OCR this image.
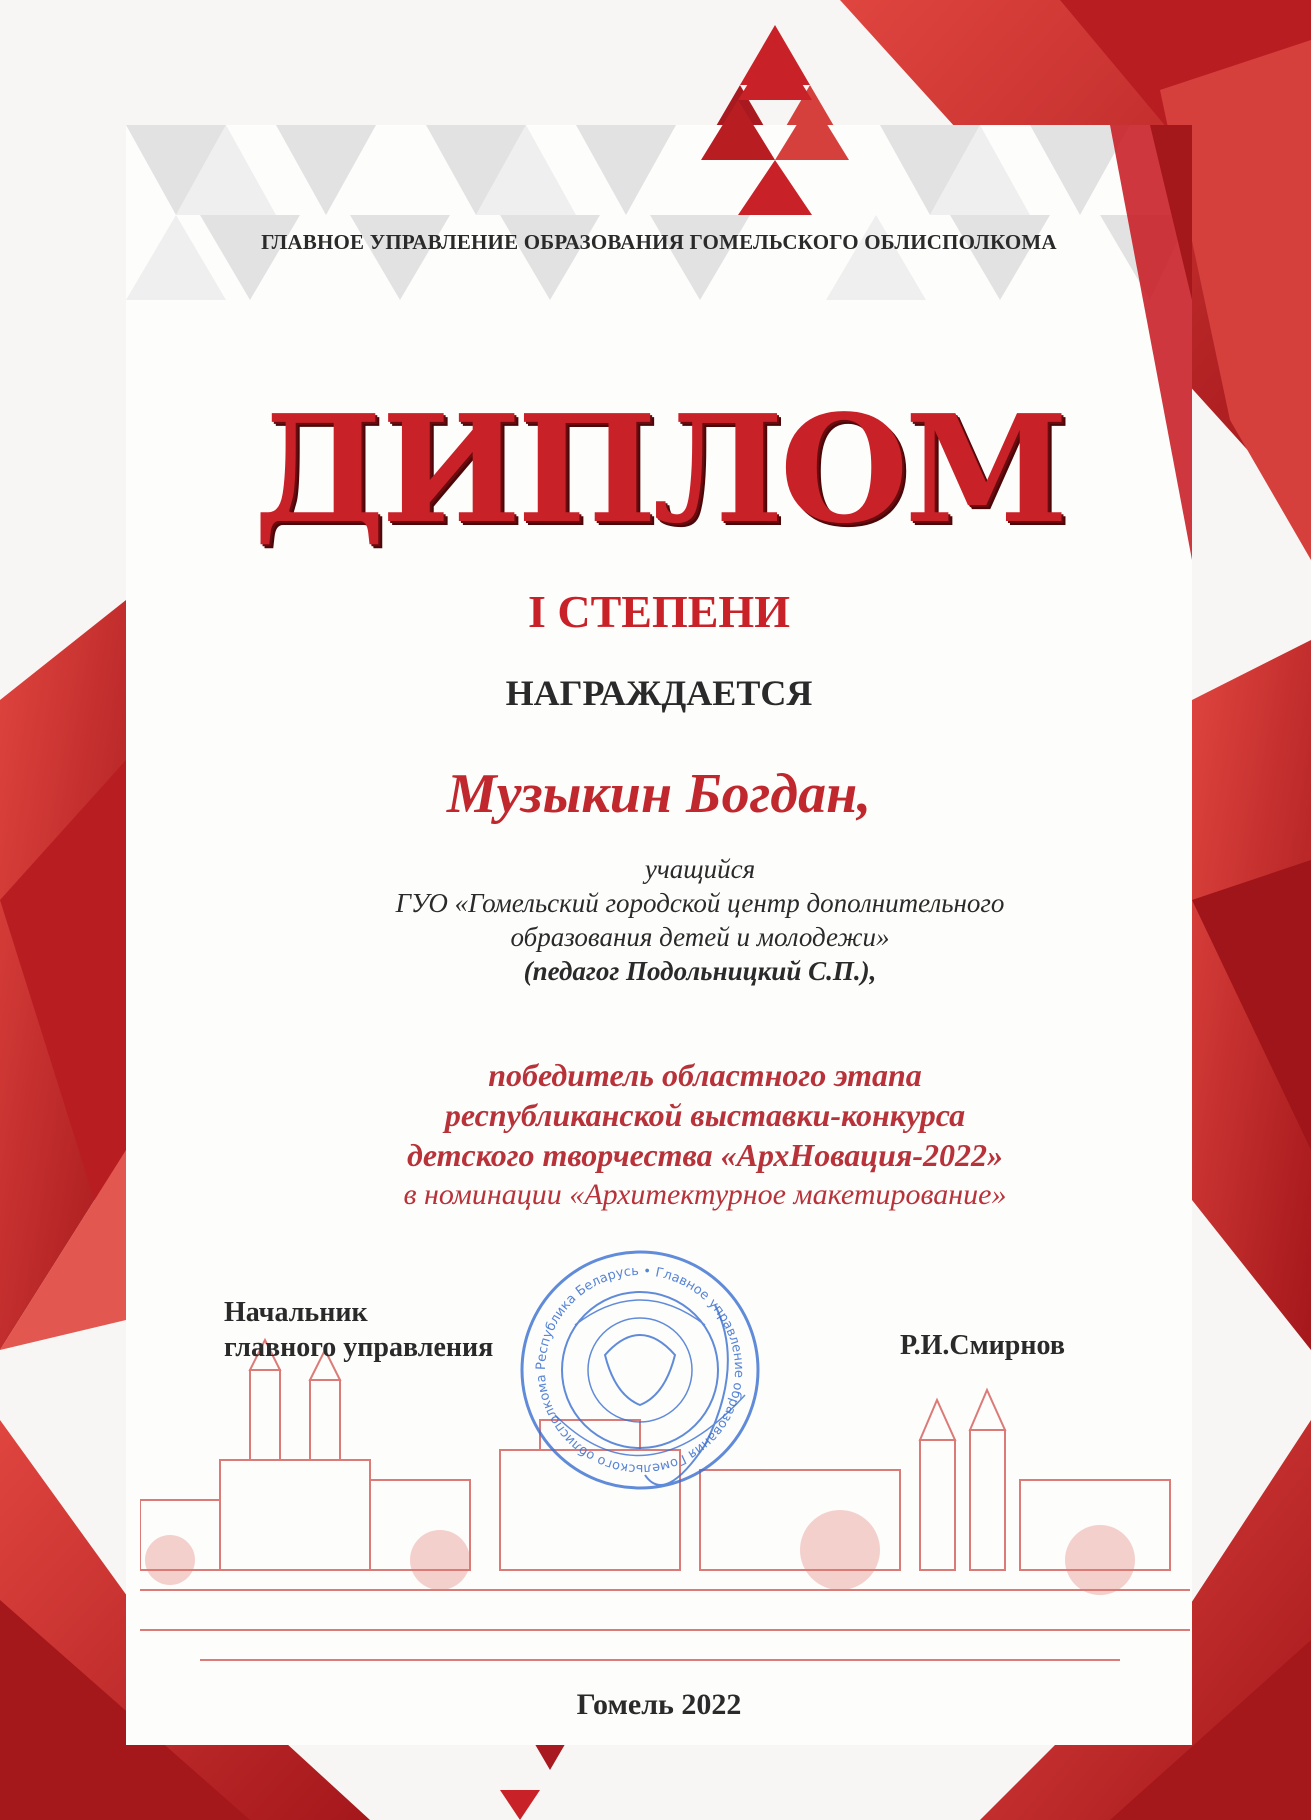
ГЛАВНОЕ УПРАВЛЕНИЕ ОБРАЗОВАНИЯ ГОМЕЛЬСКОГО ОБЛИСПОЛКОМА
ДИПЛОМ
I СТЕПЕНИ
НАГРАЖДАЕТСЯ
Музыкин Богдан,
учащийся
ГУО «Гомельский городской центр дополнительного
образования детей и молодежи»
(педагог Подольницкий С.П.),
победитель областного этапа
республиканской выставки-конкурса
детского творчества «АрхНовация-2022»
в номинации «Архитектурное макетирование»
Начальник
главного управления	Р.И.Смирнов
Республика Беларусь • Главное управление образования Гомельского облисполкома
Гомель 2022
